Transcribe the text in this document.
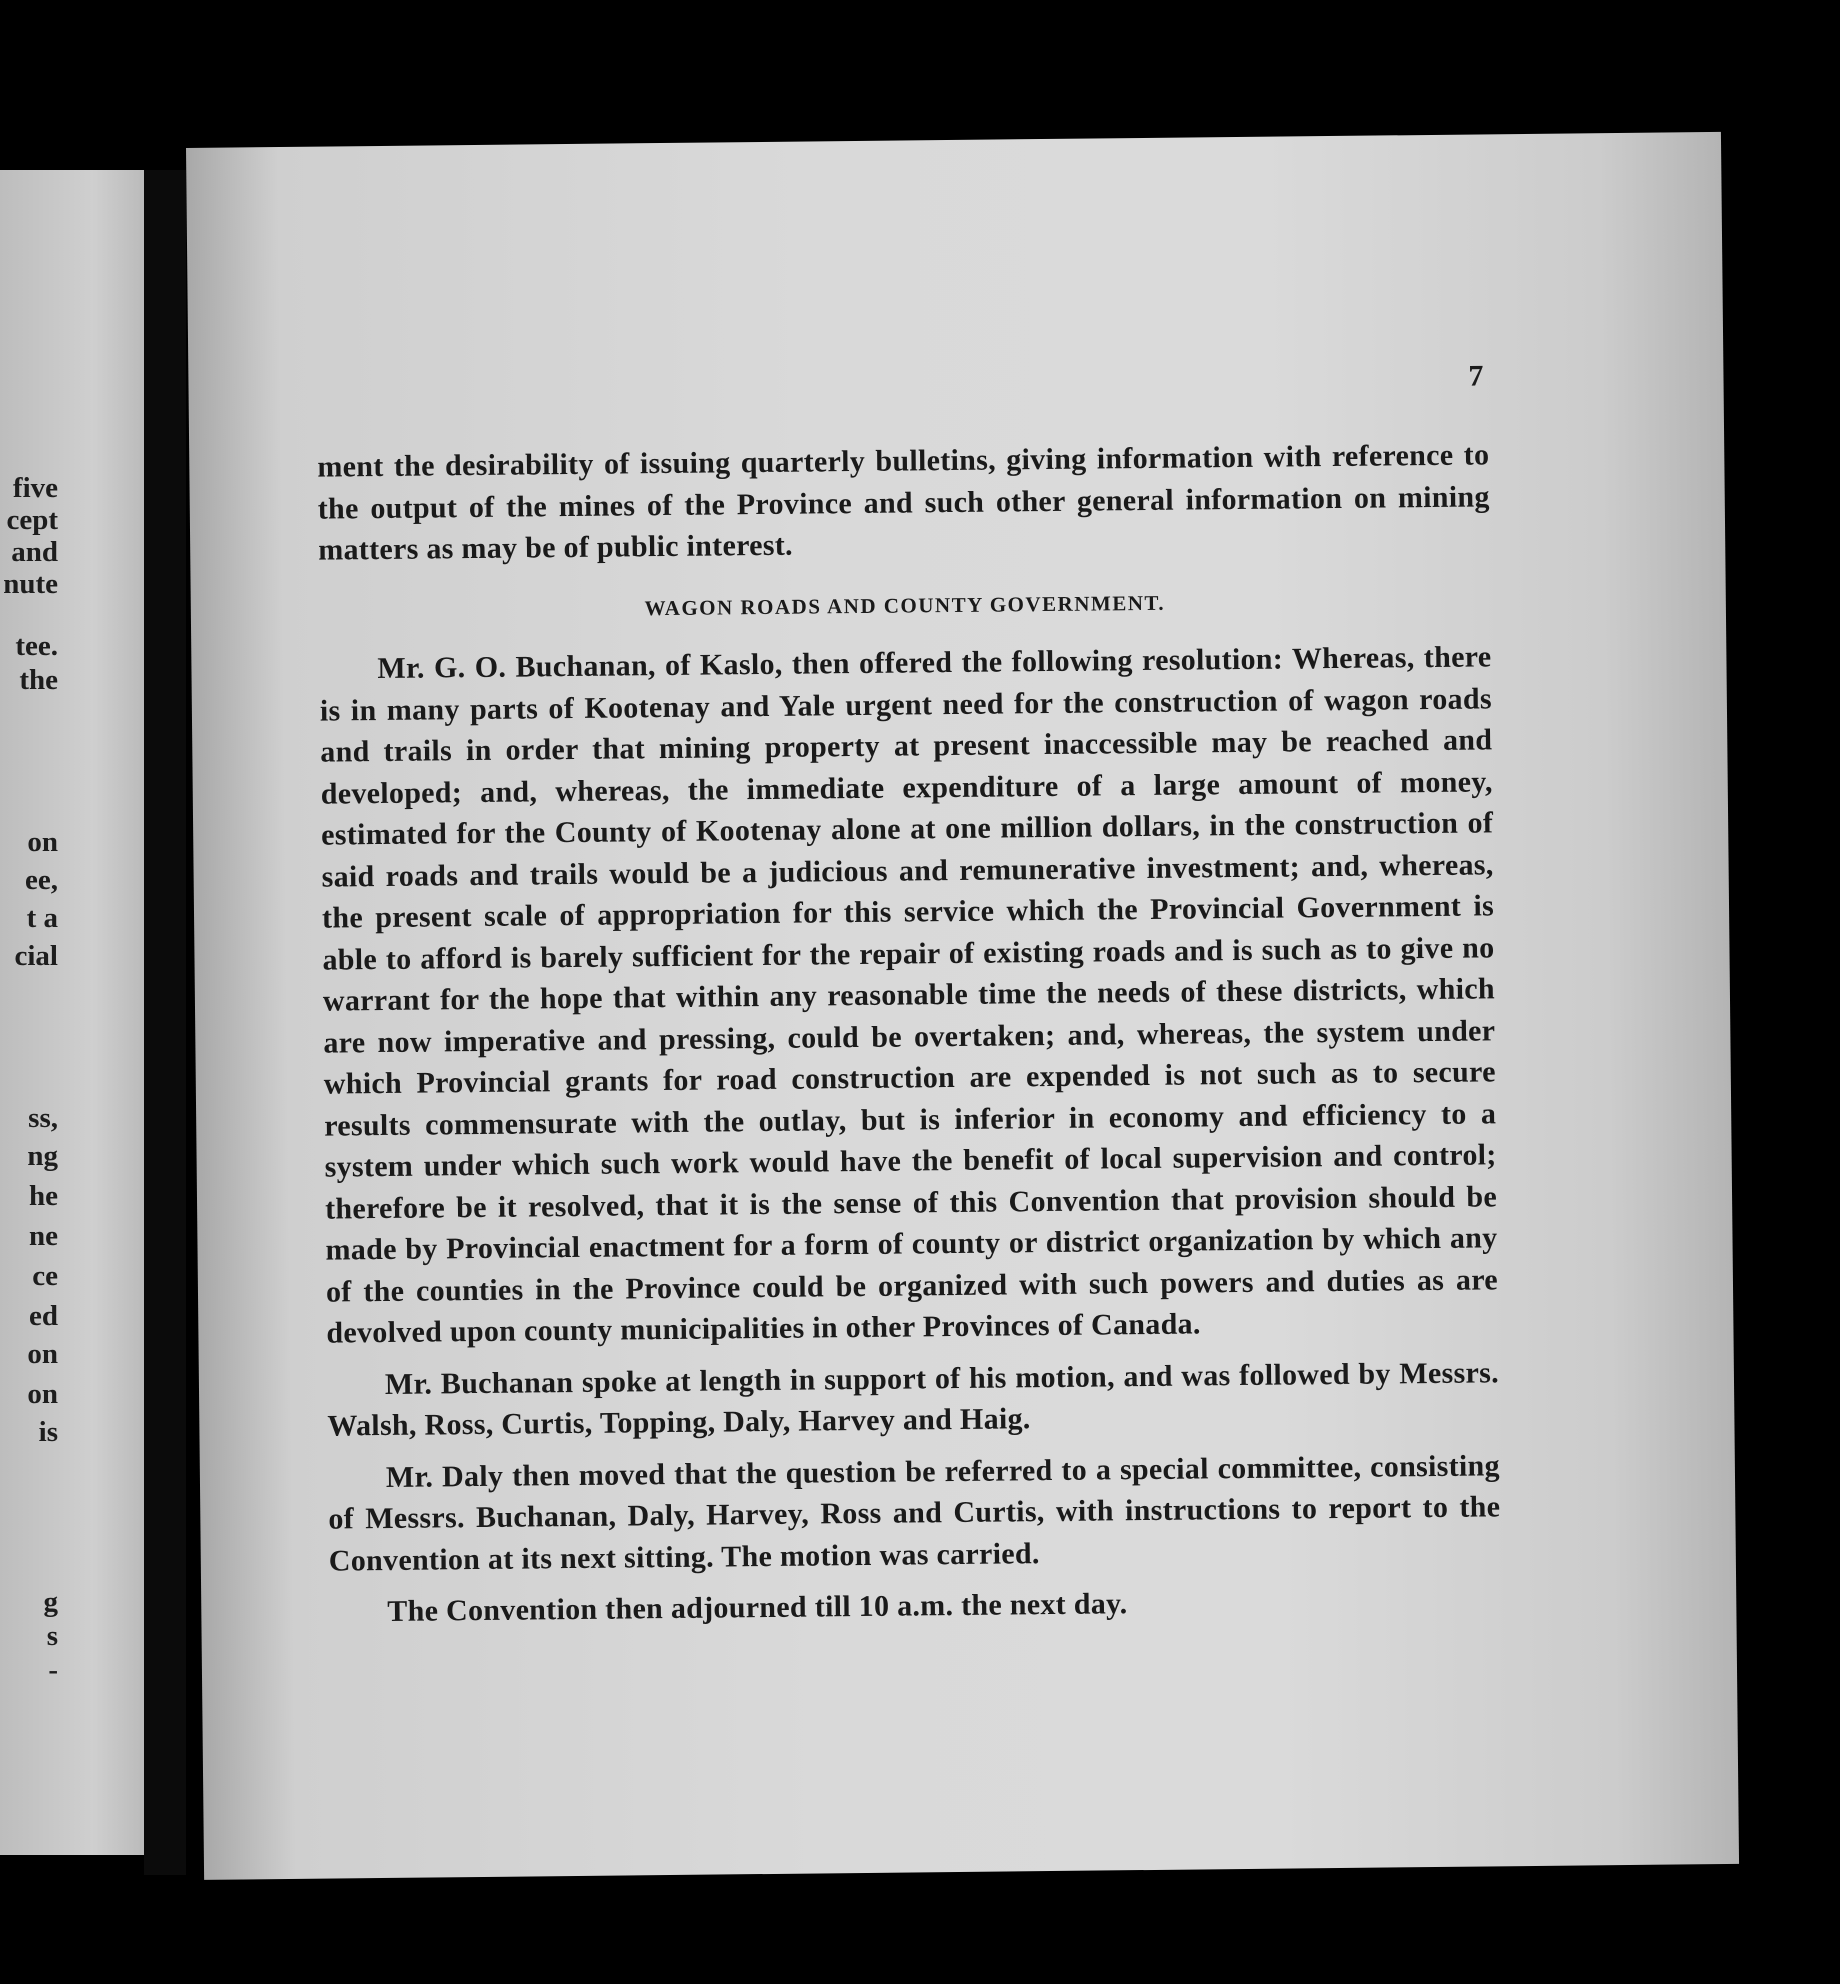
five
cept
and
nute
tee.
the
on
ee,
t a
cial
ss,
ng
he
ne
ce
ed
on
on
is
g
s
-
7

ment the desirability of issuing quarterly bulletins, giving information with reference to the output of the mines of the Province and such other general information on mining matters as may be of public interest.

WAGON ROADS AND COUNTY GOVERNMENT.

Mr. G. O. Buchanan, of Kaslo, then offered the following resolution: Whereas, there is in many parts of Kootenay and Yale urgent need for the construction of wagon roads and trails in order that mining property at present inaccessible may be reached and developed; and, whereas, the immediate expenditure of a large amount of money, estimated for the County of Kootenay alone at one million dollars, in the construction of said roads and trails would be a judicious and remunerative investment; and, whereas, the present scale of appropriation for this service which the Provincial Government is able to afford is barely sufficient for the repair of existing roads and is such as to give no warrant for the hope that within any reasonable time the needs of these districts, which are now imperative and pressing, could be overtaken; and, whereas, the system under which Provincial grants for road construction are expended is not such as to secure results commensurate with the outlay, but is inferior in economy and efficiency to a system under which such work would have the benefit of local supervision and control; therefore be it resolved, that it is the sense of this Convention that provision should be made by Provincial enactment for a form of county or district organization by which any of the counties in the Province could be organized with such powers and duties as are devolved upon county municipalities in other Provinces of Canada.

Mr. Buchanan spoke at length in support of his motion, and was followed by Messrs. Walsh, Ross, Curtis, Topping, Daly, Harvey and Haig.

Mr. Daly then moved that the question be referred to a special committee, consisting of Messrs. Buchanan, Daly, Harvey, Ross and Curtis, with instructions to report to the Convention at its next sitting. The motion was carried.

The Convention then adjourned till 10 a.m. the next day.
